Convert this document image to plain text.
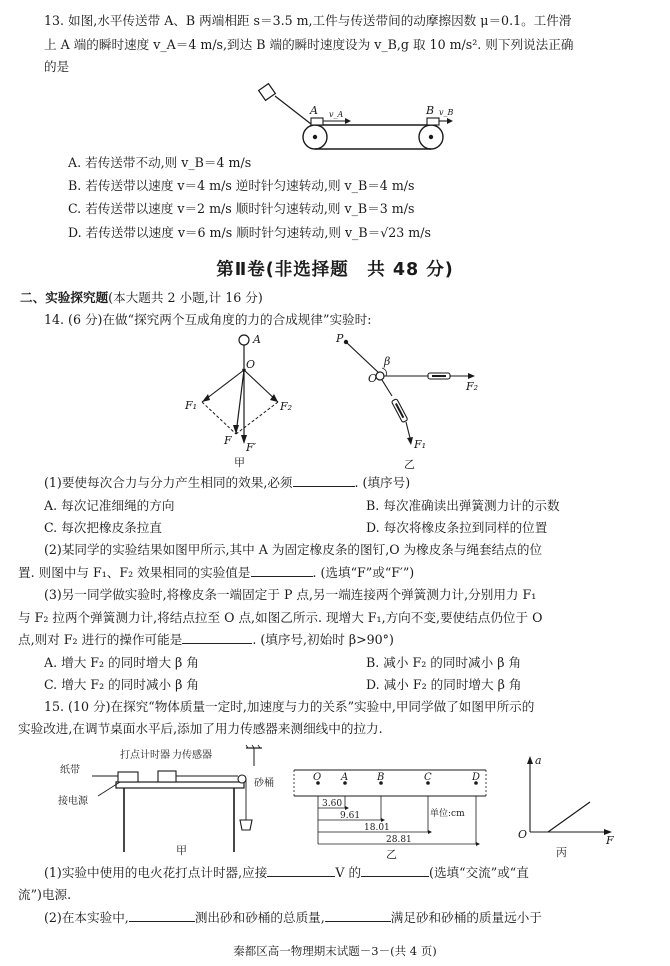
13. 如图,水平传送带 A、B 两端相距 s＝3.5 m,工件与传送带间的动摩擦因数 μ＝0.1。工件滑
上 A 端的瞬时速度 v_A＝4 m/s,到达 B 端的瞬时速度设为 v_B,g 取 10 m/s². 则下列说法正确
的是
A v_A	B v_B
A. 若传送带不动,则 v_B＝4 m/s
B. 若传送带以速度 v＝4 m/s 逆时针匀速转动,则 v_B＝4 m/s
C. 若传送带以速度 v＝2 m/s 顺时针匀速转动,则 v_B＝3 m/s
D. 若传送带以速度 v＝6 m/s 顺时针匀速转动,则 v_B＝√23 m/s
第Ⅱ卷(非选择题　共 48 分)
二、实验探究题(本大题共 2 小题,计 16 分)
14. (6 分)在做“探究两个互成角度的力的合成规律”实验时:
A
O
F₁	F₂
F
F′
甲
P
β
O
F₂
F₁
乙
(1)要使每次合力与分力产生相同的效果,必须	. (填序号)
A. 每次记准细绳的方向	B. 每次准确读出弹簧测力计的示数
C. 每次把橡皮条拉直	D. 每次将橡皮条拉到同样的位置
(2)某同学的实验结果如图甲所示,其中 A 为固定橡皮条的图钉,O 为橡皮条与绳套结点的位
置. 则图中与 F₁、F₂ 效果相同的实验值是	. (选填“F”或“F′”)
(3)另一同学做实验时,将橡皮条一端固定于 P 点,另一端连接两个弹簧测力计,分别用力 F₁
与 F₂ 拉两个弹簧测力计,将结点拉至 O 点,如图乙所示. 现增大 F₁,方向不变,要使结点仍位于 O
点,则对 F₂ 进行的操作可能是	. (填序号,初始时 β>90°)
A. 增大 F₂ 的同时增大 β 角	B. 减小 F₂ 的同时减小 β 角
C. 增大 F₂ 的同时减小 β 角	D. 减小 F₂ 的同时增大 β 角
15. (10 分)在探究“物体质量一定时,加速度与力的关系”实验中,甲同学做了如图甲所示的
实验改进,在调节桌面水平后,添加了用力传感器来测细线中的拉力.
打点计时器 力传感器
纸带
砂桶
接电源
甲
O A	B	C	D
3.60
9.61
18.01
28.81
单位:cm
乙
a
O	F
丙
(1)实验中使用的电火花打点计时器,应接	V 的	(选填“交流”或“直
流”)电源.
(2)在本实验中,	测出砂和砂桶的总质量,	满足砂和砂桶的质量远小于
秦都区高一物理期末试题－3－(共 4 页)
